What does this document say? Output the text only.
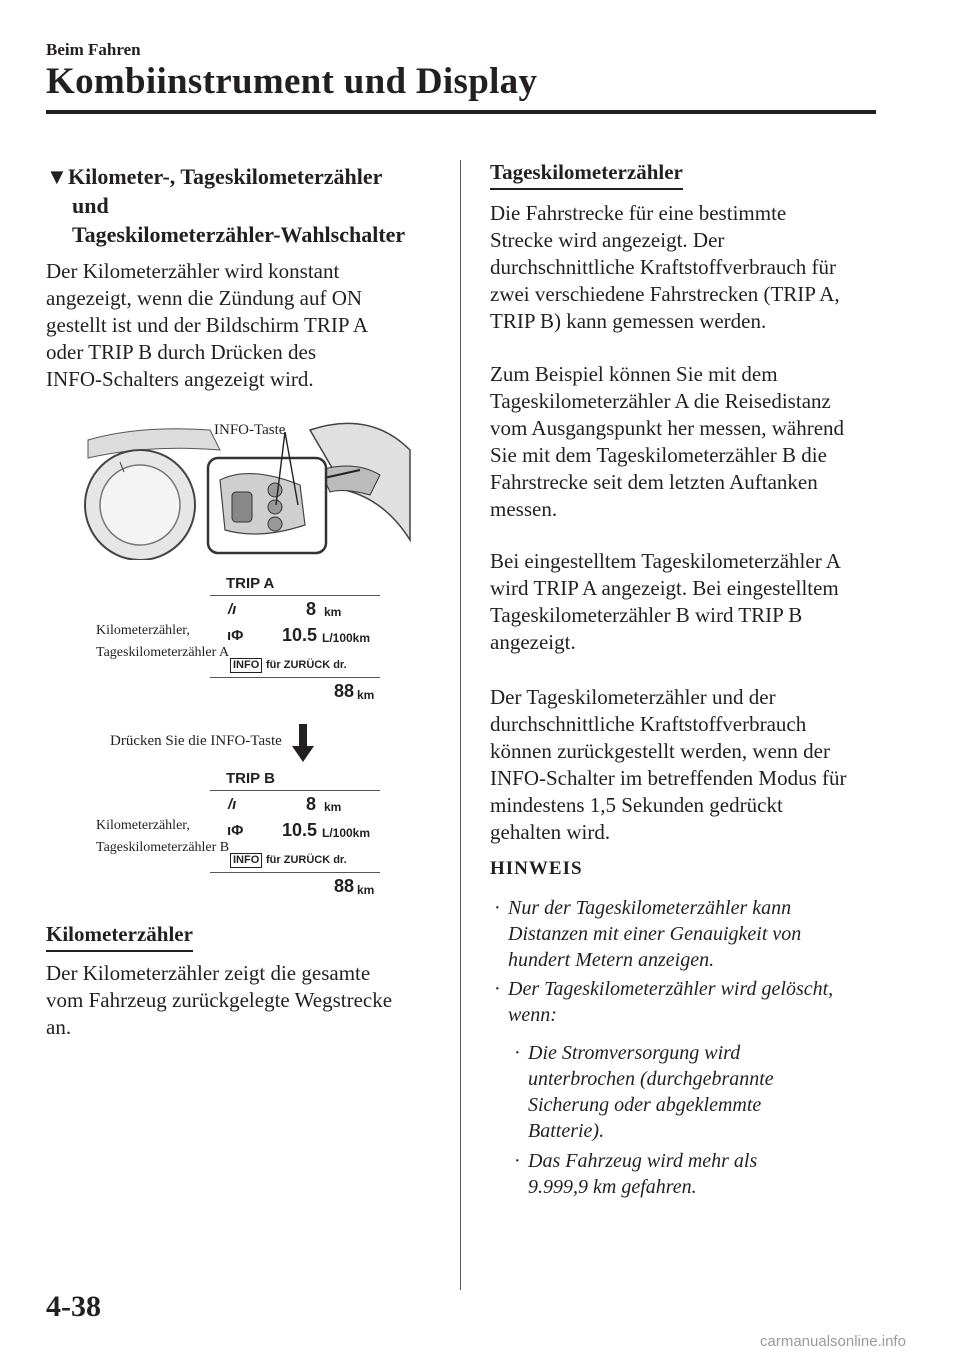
Beim Fahren
Kombiinstrument und Display
▼Kilometer-, Tageskilometerzähler
und
Tageskilometerzähler-Wahlschalter
Der Kilometerzähler wird konstant
angezeigt, wenn die Zündung auf ON
gestellt ist und der Bildschirm TRIP A
oder TRIP B durch Drücken des
INFO-Schalters angezeigt wird.
INFO-Taste
Kilometerzähler,
Tageskilometerzähler A
TRIP A
/ı	8 km
ıΦ 10.5 L/100km
INFO für ZURÜCK dr.
88 km
Drücken Sie die INFO-Taste
Kilometerzähler,
Tageskilometerzähler B
TRIP B
/ı	8 km
ıΦ 10.5 L/100km
INFO für ZURÜCK dr.
88 km
Kilometerzähler
Der Kilometerzähler zeigt die gesamte
vom Fahrzeug zurückgelegte Wegstrecke
an.
Tageskilometerzähler
Die Fahrstrecke für eine bestimmte
Strecke wird angezeigt. Der
durchschnittliche Kraftstoffverbrauch für
zwei verschiedene Fahrstrecken (TRIP A,
TRIP B) kann gemessen werden.
Zum Beispiel können Sie mit dem
Tageskilometerzähler A die Reisedistanz
vom Ausgangspunkt her messen, während
Sie mit dem Tageskilometerzähler B die
Fahrstrecke seit dem letzten Auftanken
messen.
Bei eingestelltem Tageskilometerzähler A
wird TRIP A angezeigt. Bei eingestelltem
Tageskilometerzähler B wird TRIP B
angezeigt.
Der Tageskilometerzähler und der
durchschnittliche Kraftstoffverbrauch
können zurückgestellt werden, wenn der
INFO-Schalter im betreffenden Modus für
mindestens 1,5 Sekunden gedrückt
gehalten wird.
HINWEIS
· Nur der Tageskilometerzähler kann
Distanzen mit einer Genauigkeit von
hundert Metern anzeigen.
· Der Tageskilometerzähler wird gelöscht,
wenn:
· Die Stromversorgung wird
unterbrochen (durchgebrannte
Sicherung oder abgeklemmte
Batterie).
· Das Fahrzeug wird mehr als
9.999,9 km gefahren.
4-38
carmanualsonline.info
